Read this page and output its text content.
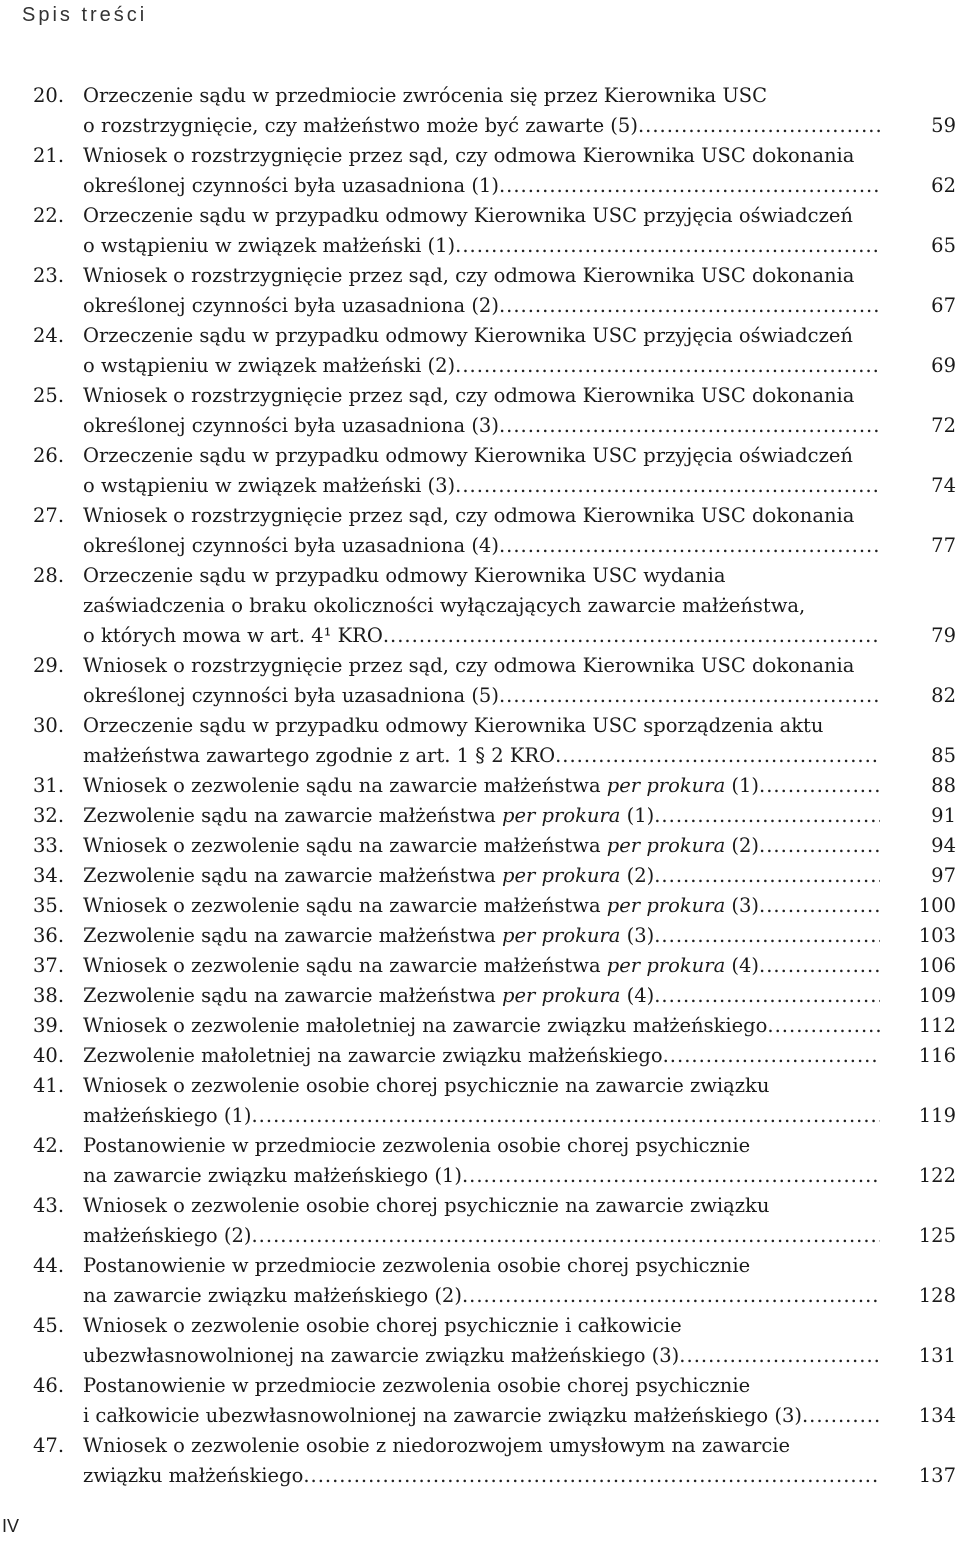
Spis treści
20. Orzeczenie sądu w przedmiocie zwrócenia się przez Kierownika USC
o rozstrzygnięcie, czy małżeństwo może być zawarte (5) .....	59
21. Wniosek o rozstrzygnięcie przez sąd, czy odmowa Kierownika USC dokonania
określonej czynności była uzasadniona (1) .....	62
22. Orzeczenie sądu w przypadku odmowy Kierownika USC przyjęcia oświadczeń
o wstąpieniu w związek małżeński (1) .....	65
23. Wniosek o rozstrzygnięcie przez sąd, czy odmowa Kierownika USC dokonania
określonej czynności była uzasadniona (2) .....	67
24. Orzeczenie sądu w przypadku odmowy Kierownika USC przyjęcia oświadczeń
o wstąpieniu w związek małżeński (2) .....	69
25. Wniosek o rozstrzygnięcie przez sąd, czy odmowa Kierownika USC dokonania
określonej czynności była uzasadniona (3) .....	72
26. Orzeczenie sądu w przypadku odmowy Kierownika USC przyjęcia oświadczeń
o wstąpieniu w związek małżeński (3) .....	74
27. Wniosek o rozstrzygnięcie przez sąd, czy odmowa Kierownika USC dokonania
określonej czynności była uzasadniona (4) .....	77
28. Orzeczenie sądu w przypadku odmowy Kierownika USC wydania
zaświadczenia o braku okoliczności wyłączających zawarcie małżeństwa,
o których mowa w art. 4¹ KRO .....	79
29. Wniosek o rozstrzygnięcie przez sąd, czy odmowa Kierownika USC dokonania
określonej czynności była uzasadniona (5) .....	82
30. Orzeczenie sądu w przypadku odmowy Kierownika USC sporządzenia aktu
małżeństwa zawartego zgodnie z art. 1 § 2 KRO .....	85
31. Wniosek o zezwolenie sądu na zawarcie małżeństwa per prokura (1) .....	88
32. Zezwolenie sądu na zawarcie małżeństwa per prokura (1) .....	91
33. Wniosek o zezwolenie sądu na zawarcie małżeństwa per prokura (2) .....	94
34. Zezwolenie sądu na zawarcie małżeństwa per prokura (2) .....	97
35. Wniosek o zezwolenie sądu na zawarcie małżeństwa per prokura (3) .....	100
36. Zezwolenie sądu na zawarcie małżeństwa per prokura (3) .....	103
37. Wniosek o zezwolenie sądu na zawarcie małżeństwa per prokura (4) .....	106
38. Zezwolenie sądu na zawarcie małżeństwa per prokura (4) .....	109
39. Wniosek o zezwolenie małoletniej na zawarcie związku małżeńskiego .....	112
40. Zezwolenie małoletniej na zawarcie związku małżeńskiego .....	116
41. Wniosek o zezwolenie osobie chorej psychicznie na zawarcie związku
małżeńskiego (1) .....	119
42. Postanowienie w przedmiocie zezwolenia osobie chorej psychicznie
na zawarcie związku małżeńskiego (1) .....	122
43. Wniosek o zezwolenie osobie chorej psychicznie na zawarcie związku
małżeńskiego (2) .....	125
44. Postanowienie w przedmiocie zezwolenia osobie chorej psychicznie
na zawarcie związku małżeńskiego (2) .....	128
45. Wniosek o zezwolenie osobie chorej psychicznie i całkowicie
ubezwłasnowolnionej na zawarcie związku małżeńskiego (3) .....	131
46. Postanowienie w przedmiocie zezwolenia osobie chorej psychicznie
i całkowicie ubezwłasnowolnionej na zawarcie związku małżeńskiego (3) .....	134
47. Wniosek o zezwolenie osobie z niedorozwojem umysłowym na zawarcie
związku małżeńskiego .....	137
IV
